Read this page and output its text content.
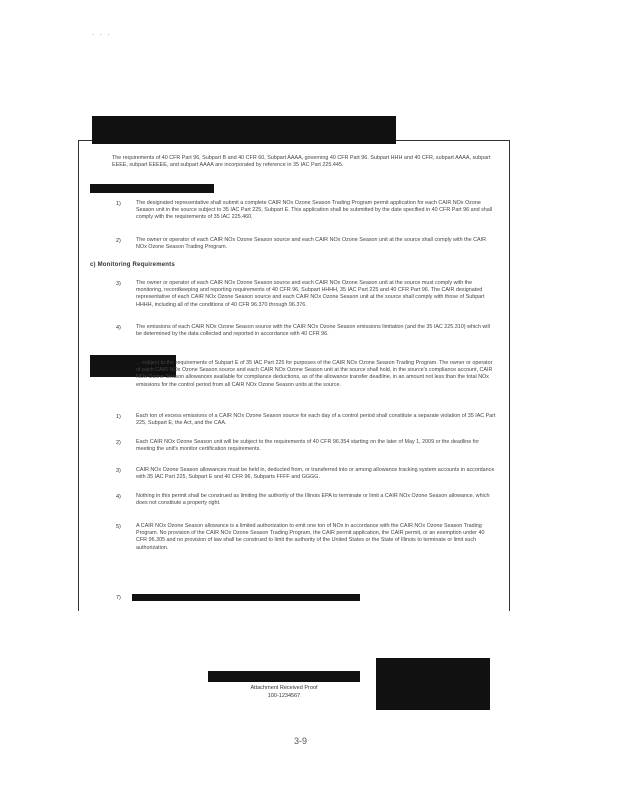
. . .
The requirements of 40 CFR Part 96, Subpart B and 40 CFR 60, Subpart AAAA, governing 40 CFR Part 96. Subpart HHH and 40 CFR, subpart AAAA, subpart EEEE, subpart EEEEE, and subpart AAAA are incorporated by reference in 35 IAC Part 225.445.
1)	The designated representative shall submit a complete CAIR NOx Ozone Season Trading Program permit application for each CAIR NOx Ozone Season unit in the source subject to 35 IAC Part 225, Subpart E. This application shall be submitted by the date specified in 40 CFR Part 96 and shall comply with the requirements of 35 IAC 225.460.
2)	The owner or operator of each CAIR NOx Ozone Season source and each CAIR NOx Ozone Season unit at the source shall comply with the CAIR NOx Ozone Season Trading Program.
c) Monitoring Requirements
3)	The owner or operator of each CAIR NOx Ozone Season source and each CAIR NOx Ozone Season unit at the source must comply with the monitoring, recordkeeping and reporting requirements of 40 CFR 96, Subpart HHHH, 35 IAC Part 225 and 40 CFR Part 96. The CAIR designated representative of each CAIR NOx Ozone Season source and each CAIR NOx Ozone Season unit at the source shall comply with those of Subpart HHHH, including all of the conditions of 40 CFR 96.370 through 96.376.
4)	The emissions of each CAIR NOx Ozone Season source with the CAIR NOx Ozone Season emissions limitation (and the 35 IAC 225.310) which will be determined by the data collected and reported in accordance with 40 CFR 96.
... subject to the requirements of Subpart E of 35 IAC Part 225 for purposes of the CAIR NOx Ozone Season Trading Program. The owner or operator of each CAIR NOx Ozone Season source and each CAIR NOx Ozone Season unit at the source shall hold, in the source's compliance account, CAIR NOx Ozone Season allowances available for compliance deductions, as of the allowance transfer deadline, in an amount not less than the total NOx emissions for the control period from all CAIR NOx Ozone Season units at the source.
1)	Each ton of excess emissions of a CAIR NOx Ozone Season source for each day of a control period shall constitute a separate violation of 35 IAC Part 225, Subpart E, the Act, and the CAA.
2)	Each CAIR NOx Ozone Season unit will be subject to the requirements of 40 CFR 96.354 starting on the later of May 1, 2009 or the deadline for meeting the unit's monitor certification requirements.
3)	CAIR NOx Ozone Season allowances must be held in, deducted from, or transferred into or among allowance tracking system accounts in accordance with 35 IAC Part 225, Subpart E and 40 CFR 96, Subparts FFFF and GGGG.
4)	Nothing in this permit shall be construed as limiting the authority of the Illinois EPA to terminate or limit a CAIR NOx Ozone Season allowance, which does not constitute a property right.
5)	A CAIR NOx Ozone Season allowance is a limited authorization to emit one ton of NOx in accordance with the CAIR NOx Ozone Season Trading Program. No provision of the CAIR NOx Ozone Season Trading Program, the CAIR permit application, the CAIR permit, or an exemption under 40 CFR 96.305 and no provision of law shall be construed to limit the authority of the United States or the State of Illinois to terminate or limit such authorization.
7)
Attachment Received Proof
100-1234567
3-9
